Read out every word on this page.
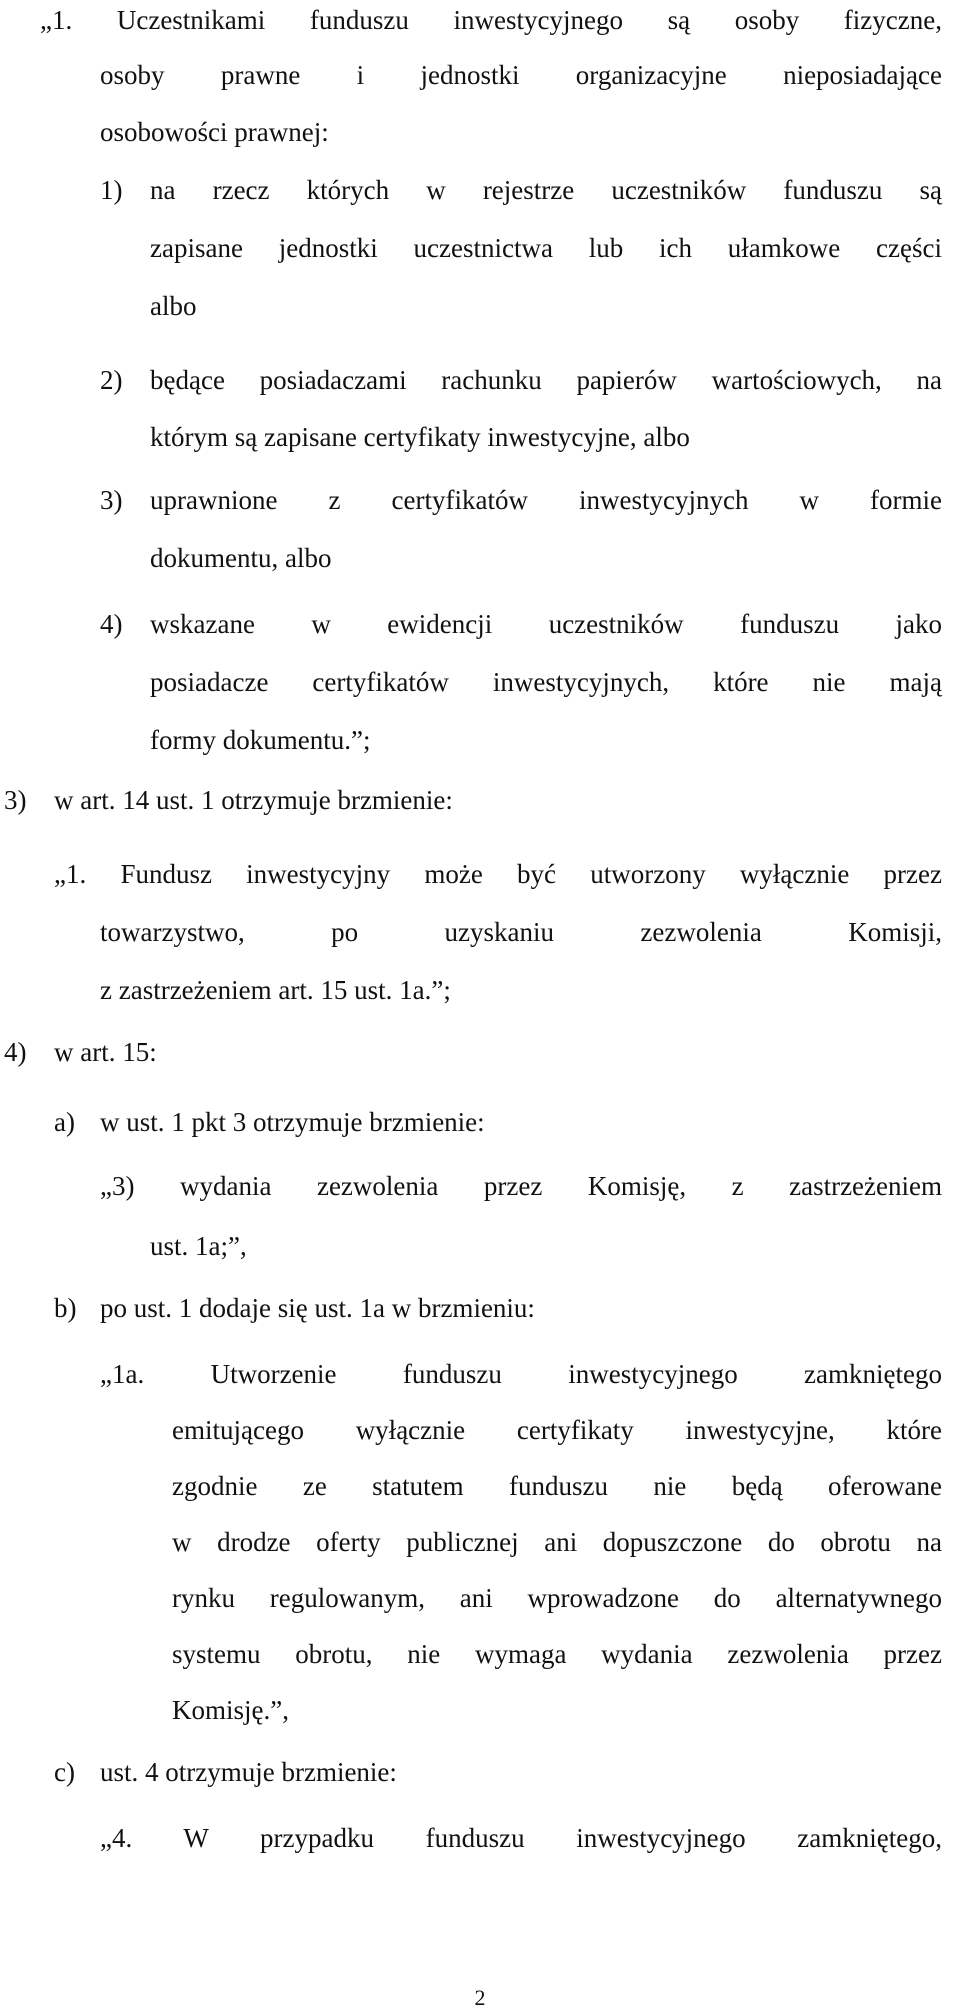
„1. Uczestnikami funduszu inwestycyjnego są osoby fizyczne,
osoby prawne i jednostki organizacyjne nieposiadające
osobowości prawnej:
1) na rzecz których w rejestrze uczestników funduszu są
zapisane jednostki uczestnictwa lub ich ułamkowe części
albo
2) będące posiadaczami rachunku papierów wartościowych, na
którym są zapisane certyfikaty inwestycyjne, albo
3) uprawnione z certyfikatów inwestycyjnych w formie
dokumentu, albo
4) wskazane w ewidencji uczestników funduszu jako
posiadacze certyfikatów inwestycyjnych, które nie mają
formy dokumentu.”;
3) w art. 14 ust. 1 otrzymuje brzmienie:
„1. Fundusz inwestycyjny może być utworzony wyłącznie przez
towarzystwo, po uzyskaniu zezwolenia Komisji,
z zastrzeżeniem art. 15 ust. 1a.”;
4) w art. 15:
a) w ust. 1 pkt 3 otrzymuje brzmienie:
„3) wydania zezwolenia przez Komisję, z zastrzeżeniem
ust. 1a;”,
b) po ust. 1 dodaje się ust. 1a w brzmieniu:
„1a. Utworzenie funduszu inwestycyjnego zamkniętego
emitującego wyłącznie certyfikaty inwestycyjne, które
zgodnie ze statutem funduszu nie będą oferowane
w drodze oferty publicznej ani dopuszczone do obrotu na
rynku regulowanym, ani wprowadzone do alternatywnego
systemu obrotu, nie wymaga wydania zezwolenia przez
Komisję.”,
c) ust. 4 otrzymuje brzmienie:
„4. W przypadku funduszu inwestycyjnego zamkniętego,
2
